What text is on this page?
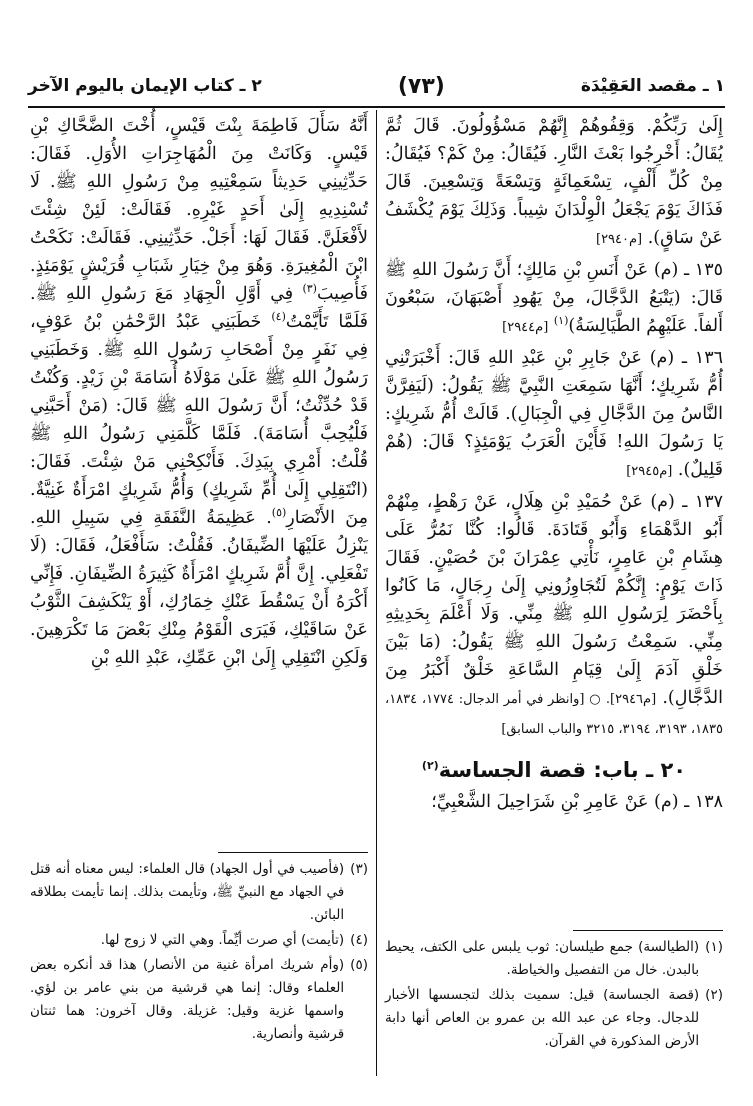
١ ـ مقصد العَقِيْدَة
(٧٣)
٢ ـ كتاب الإيمان باليوم الآخر

إِلَىٰ رَبِّكُمْ. وَقِفُوهُمْ إِنَّهُمْ مَسْؤُولُونَ. قَالَ ثُمَّ يُقَالُ: أَخْرِجُوا بَعْثَ النَّارِ. فَيُقَالُ: مِنْ كَمْ؟ فَيُقَالُ: مِنْ كُلِّ أَلْفٍ، تِسْعَمِائَةٍ وَتِسْعَةً وَتِسْعِينَ. قَالَ فَذَاكَ يَوْمَ يَجْعَلُ الْوِلْدَانَ شِيباً. وَذَلِكَ يَوْمَ يُكْشَفُ عَنْ سَاقٍ). [م٢٩٤٠]

١٣٥ ـ (م) عَنْ أَنَسِ بْنِ مَالِكٍ؛ أَنَّ رَسُولَ اللهِ ﷺ قَالَ: (يَتْبَعُ الدَّجَّالَ، مِنْ يَهُودِ أَصْبَهَانَ، سَبْعُونَ أَلفاً. عَلَيْهِمُ الطَّيَالِسَةُ)$^{(١)}$ [م٢٩٤٤]

١٣٦ ـ (م) عَنْ جَابِرِ بْنِ عَبْدِ اللهِ قَالَ: أَخْبَرَتْنِي أُمُّ شَرِيكٍ؛ أَنَّهَا سَمِعَتِ النَّبِيَّ ﷺ يَقُولُ: (لَيَفِرَّنَّ النَّاسُ مِنَ الدَّجَّالِ فِي الْجِبَالِ). قَالَتْ أُمُّ شَرِيكٍ: يَا رَسُولَ اللهِ! فَأَيْنَ الْعَرَبُ يَوْمَئِذٍ؟ قَالَ: (هُمْ قَلِيلٌ). [م٢٩٤٥]

١٣٧ ـ (م) عَنْ حُمَيْدِ بْنِ هِلَالٍ، عَنْ رَهْطٍ، مِنْهُمْ أَبُو الدَّهْمَاءِ وَأَبُو قَتَادَةَ. قَالُوا: كُنَّا نَمُرُّ عَلَى هِشَامِ بْنِ عَامِرٍ، نَأْتِي عِمْرَانَ بْنَ حُصَيْنٍ. فَقَالَ ذَاتَ يَوْمٍ: إِنَّكُمْ لَتُجَاوِزُونِي إِلَىٰ رِجَالٍ، مَا كَانُوا بِأَحْضَرَ لِرَسُولِ اللهِ ﷺ مِنِّي. وَلَا أَعْلَمَ بِحَدِيثِهِ مِنِّي. سَمِعْتُ رَسُولَ اللهِ ﷺ يَقُولُ: (مَا بَيْنَ خَلْقِ آدَمَ إِلَىٰ قِيَامِ السَّاعَةِ خَلْقٌ أَكْبَرُ مِنَ الدَّجَّالِ). [م٢٩٤٦]. ○ [وانظر في أمر الدجال: ١٧٧٤، ١٨٣٤، ١٨٣٥، ٣١٩٣، ٣١٩٤، ٣٢١٥ والباب السابق]

٢٠ ـ باب: قصة الجساسة$^{(٢)}$

١٣٨ ـ (م) عَنْ عَامِرِ بْنِ شَرَاحِيلَ الشَّعْبِيِّ؛

أَنَّهُ سَأَلَ فَاطِمَةَ بِنْتَ قَيْسٍ، أُخْتَ الضَّحَّاكِ بْنِ قَيْسٍ. وَكَانَتْ مِنَ الْمُهَاجِرَاتِ الأُوَلِ. فَقَالَ: حَدِّثِينِي حَدِيثاً سَمِعْتِيهِ مِنْ رَسُولِ اللهِ ﷺ. لَا تُسْنِدِيهِ إِلَىٰ أَحَدٍ غَيْرِهِ. فَقَالَتْ: لَئِنْ شِئْتَ لأَفْعَلَنَّ. فَقَالَ لَهَا: أَجَلْ. حَدِّثِينِي. فَقَالَتْ: نَكَحْتُ ابْنَ الْمُغِيرَةِ. وَهُوَ مِنْ خِيَارِ شَبَابِ قُرَيْشٍ يَوْمَئِذٍ. فَأُصِيبَ$^{(٣)}$ فِي أَوَّلِ الْجِهَادِ مَعَ رَسُولِ اللهِ ﷺ. فَلَمَّا تَأَيَّمْتُ$^{(٤)}$ خَطَبَنِي عَبْدُ الرَّحْمَٰنِ بْنُ عَوْفٍ، فِي نَفَرٍ مِنْ أَصْحَابِ رَسُولِ اللهِ ﷺ. وَخَطَبَنِي رَسُولُ اللهِ ﷺ عَلَىٰ مَوْلَاهُ أُسَامَةَ بْنِ زَيْدٍ. وَكُنْتُ قَدْ حُدِّثْتُ؛ أَنَّ رَسُولَ اللهِ ﷺ قَالَ: (مَنْ أَحَبَّنِي فَلْيُحِبَّ أُسَامَةَ). فَلَمَّا كَلَّمَنِي رَسُولُ اللهِ ﷺ قُلْتُ: أَمْرِي بِيَدِكَ. فَأَنْكِحْنِي مَنْ شِئْتَ. فَقَالَ: (انْتَقِلِي إِلَىٰ أُمِّ شَرِيكٍ) وَأُمُّ شَرِيكٍ امْرَأَةٌ غَنِيَّةٌ. مِنَ الأَنْصَارِ$^{(٥)}$. عَظِيمَةُ النَّفَقَةِ فِي سَبِيلِ اللهِ. يَنْزِلُ عَلَيْهَا الضِّيفَانُ. فَقُلْتُ: سَأَفْعَلُ، فَقَالَ: (لَا تَفْعَلِي. إِنَّ أُمَّ شَرِيكٍ امْرَأَةٌ كَثِيرَةُ الضِّيفَانِ. فَإِنِّي أَكْرَهُ أَنْ يَسْقُطَ عَنْكِ خِمَارُكِ، أَوْ يَنْكَشِفَ الثَّوْبُ عَنْ سَاقَيْكِ، فَيَرَى الْقَوْمُ مِنْكِ بَعْضَ مَا تَكْرَهِينَ. وَلَكِنِ انْتَقِلِي إِلَىٰ ابْنِ عَمِّكِ، عَبْدِ اللهِ بْنِ

(٣)
(فأصيب في أول الجهاد) قال العلماء: ليس معناه أنه قتل في الجهاد مع النبيِّ ﷺ، وتأيمت بذلك. إنما تأيمت بطلاقه البائن.
(٤)
(تأيمت) أي صرت أيِّماً. وهي التي لا زوج لها.
(٥)
(وأم شريك امرأة غنية من الأنصار) هذا قد أنكره بعض العلماء وقال: إنما هي قرشية من بني عامر بن لؤي. واسمها غزية وقيل: غزيلة. وقال آخرون: هما ثنتان قرشية وأنصارية.
(١)
(الطيالسة) جمع طيلسان: ثوب يلبس على الكتف، يحيط بالبدن. خال من التفصيل والخياطة.
(٢)
(قصة الجساسة) قيل: سميت بذلك لتجسسها الأخبار للدجال. وجاء عن عبد الله بن عمرو بن العاص أنها دابة الأرض المذكورة في القرآن.
